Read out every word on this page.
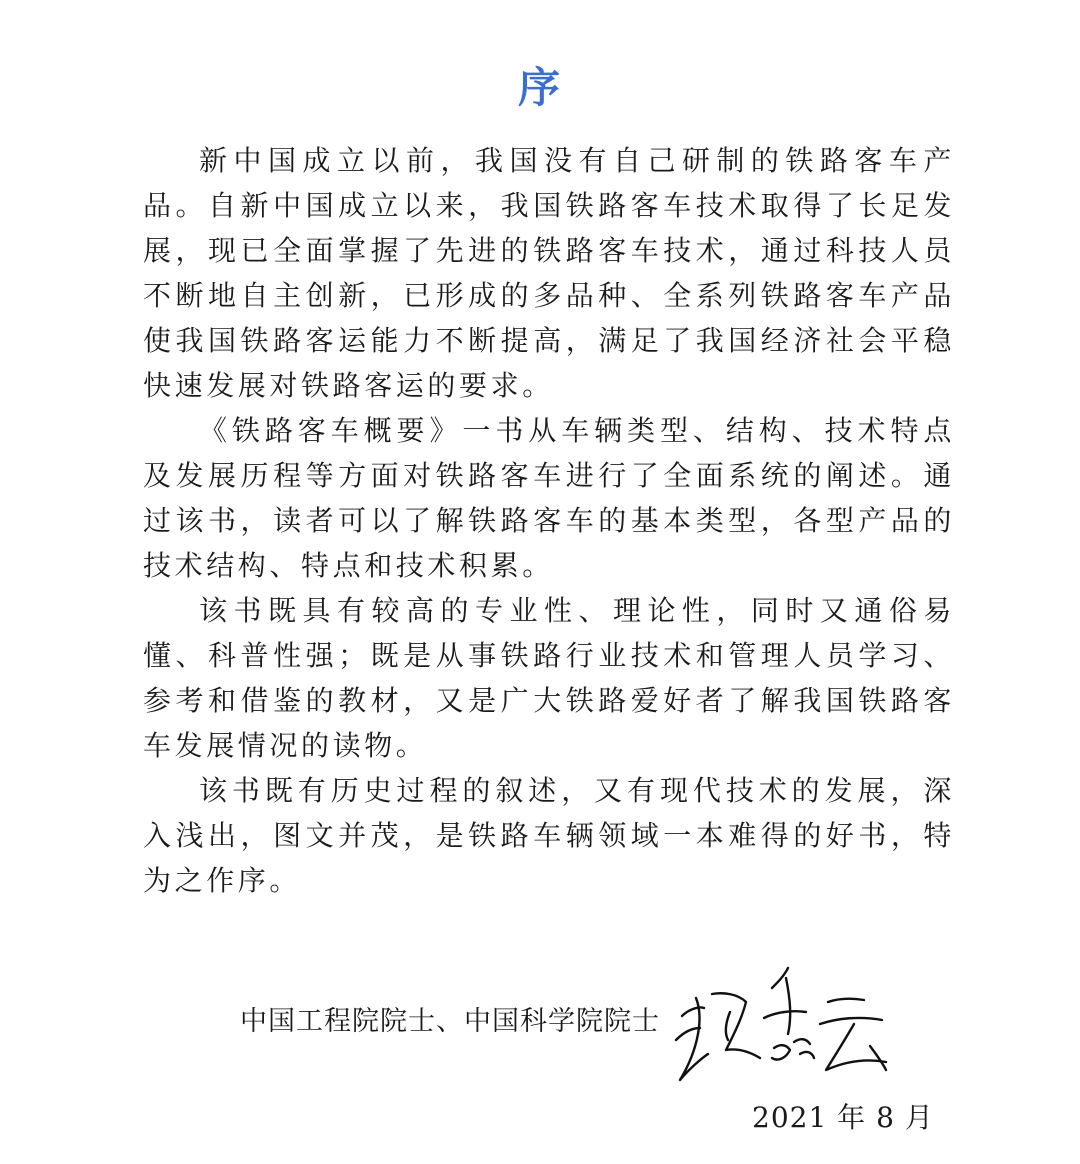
序

新中国成立以前，我国没有自己研制的铁路客车产品。自新中国成立以来，我国铁路客车技术取得了长足发展，现已全面掌握了先进的铁路客车技术，通过科技人员不断地自主创新，已形成的多品种、全系列铁路客车产品使我国铁路客运能力不断提高，满足了我国经济社会平稳快速发展对铁路客运的要求。

《铁路客车概要》一书从车辆类型、结构、技术特点及发展历程等方面对铁路客车进行了全面系统的阐述。通过该书，读者可以了解铁路客车的基本类型，各型产品的技术结构、特点和技术积累。

该书既具有较高的专业性、理论性，同时又通俗易懂、科普性强；既是从事铁路行业技术和管理人员学习、参考和借鉴的教材，又是广大铁路爱好者了解我国铁路客车发展情况的读物。

该书既有历史过程的叙述，又有现代技术的发展，深入浅出，图文并茂，是铁路车辆领域一本难得的好书，特为之作序。

中国工程院院士、中国科学院院士
2021 年 8 月
